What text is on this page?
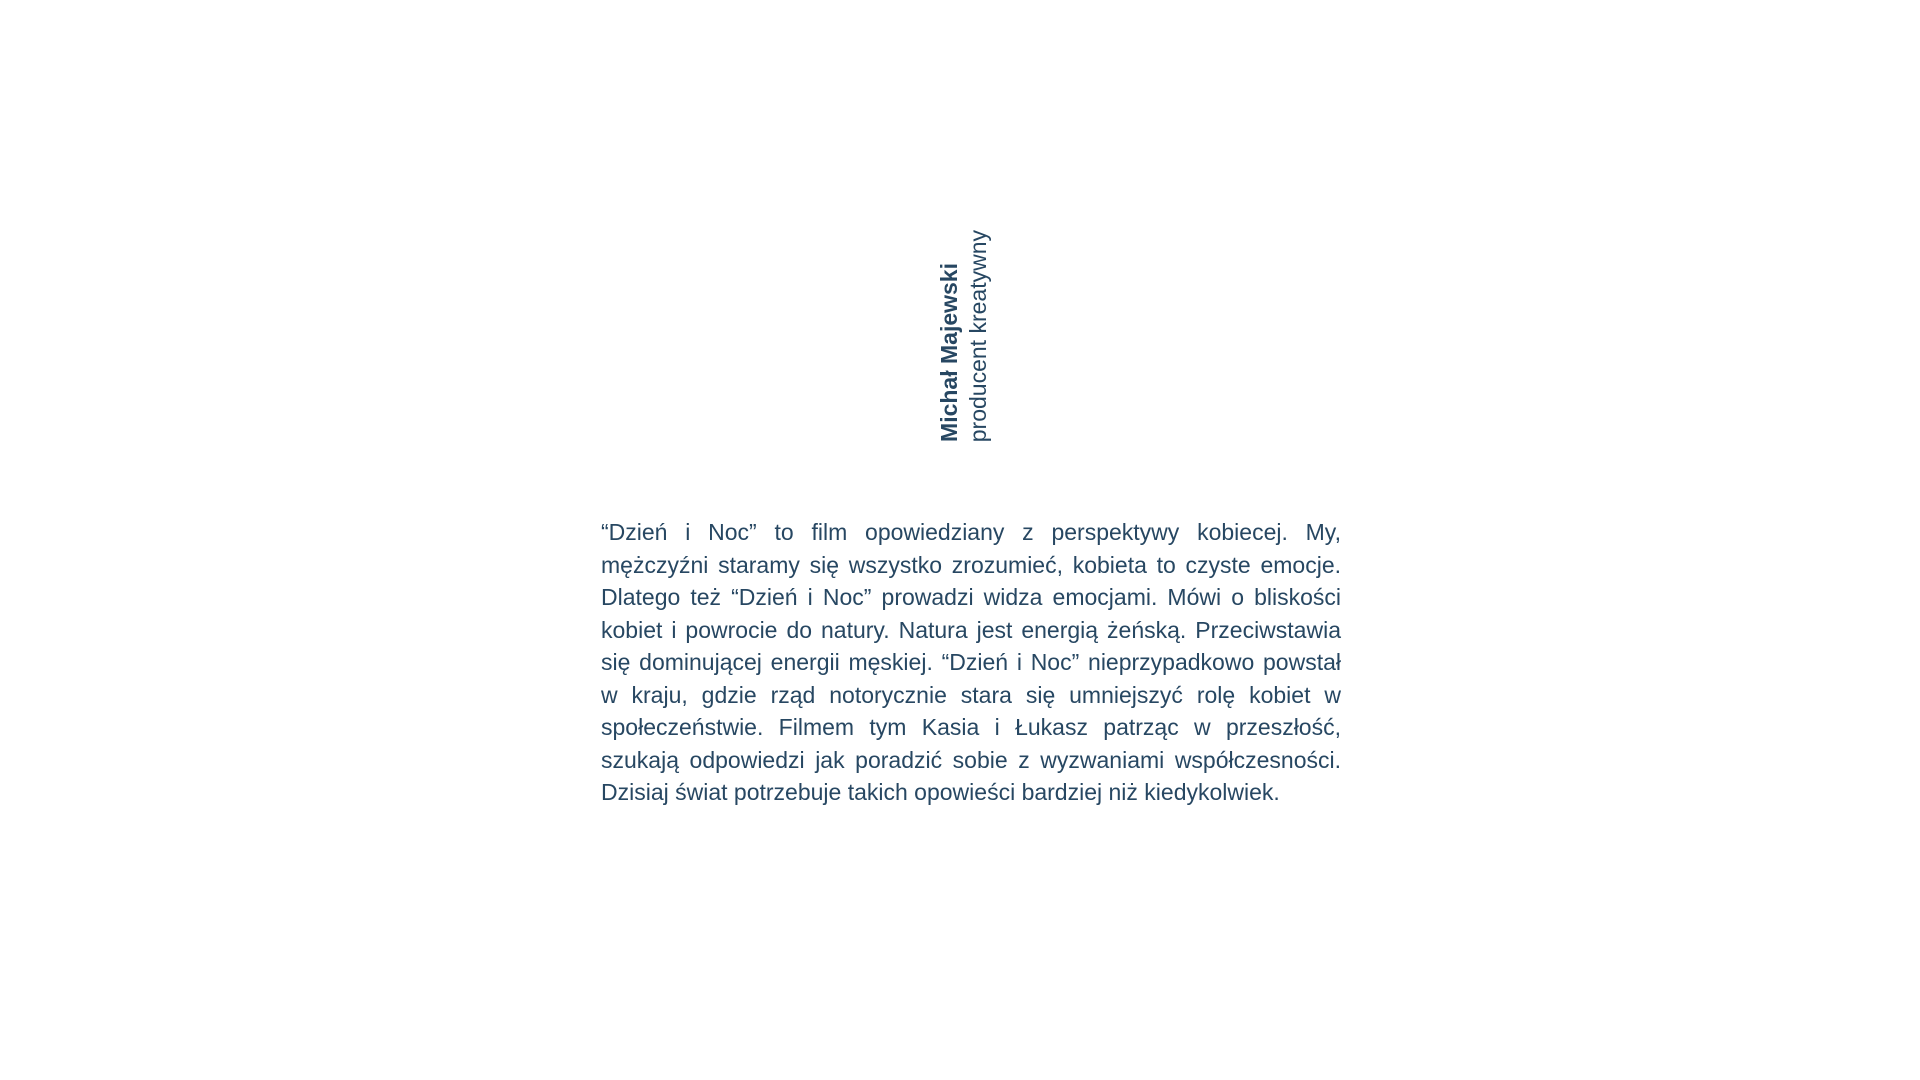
Michał Majewski producent kreatywny

“Dzień i Noc” to film opowiedziany z perspektywy kobiecej. My, mężczyźni staramy się wszystko zrozumieć, kobieta to czyste emocje. Dlatego też “Dzień i Noc” prowadzi widza emocjami. Mówi o bliskości kobiet i powrocie do natury. Natura jest energią żeńską. Przeciwstawia się dominującej energii męskiej. “Dzień i Noc” nieprzypadkowo powstał w kraju, gdzie rząd notorycznie stara się umniejszyć rolę kobiet w społeczeństwie. Filmem tym Kasia i Łukasz patrząc w przeszłość, szukają odpowiedzi jak poradzić sobie z wyzwaniami współczesności. Dzisiaj świat potrzebuje takich opowieści bardziej niż kiedykolwiek.
